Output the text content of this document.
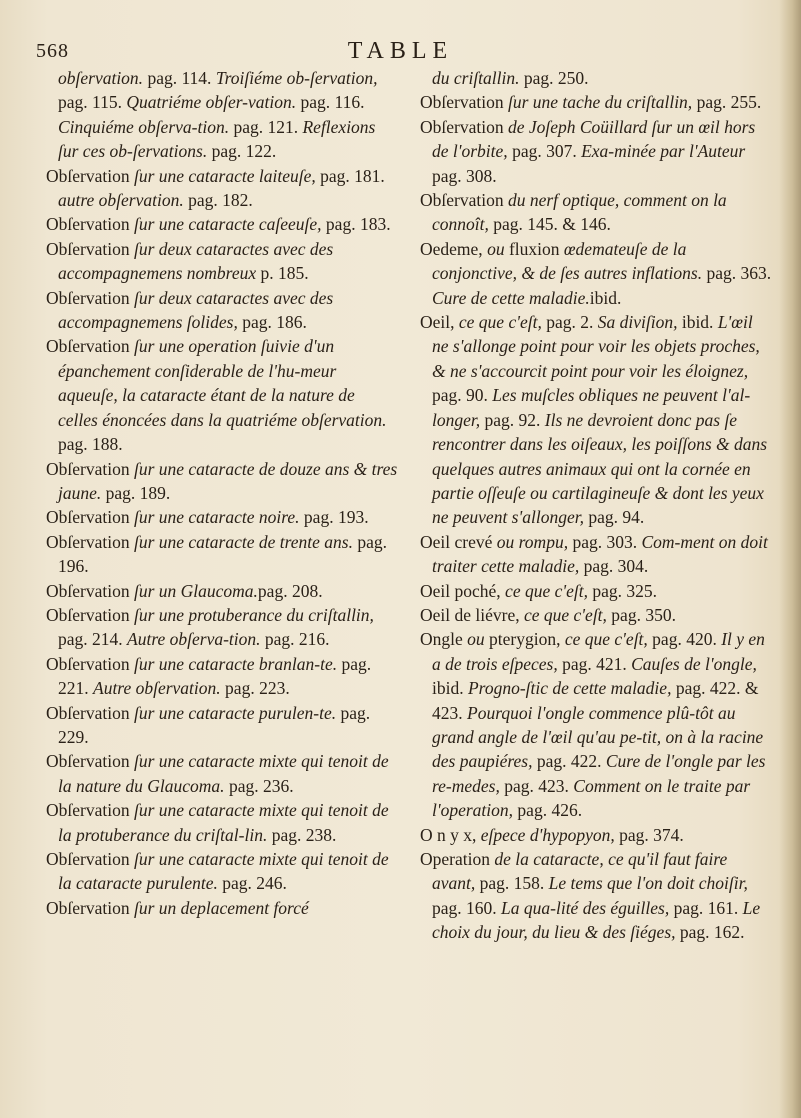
568	TABLE

obſervation. pag. 114. Troiſiéme ob-ſervation, pag. 115. Quatriéme obſer-vation. pag. 116. Cinquiéme obſerva-tion. pag. 121. Reflexions ſur ces ob-ſervations. pag. 122.

Obſervation ſur une cataracte laiteuſe, pag. 181. autre obſervation. pag. 182.

Obſervation ſur une cataracte caſeeuſe, pag. 183.

Obſervation ſur deux cataractes avec des accompagnemens nombreux p. 185.

Obſervation ſur deux cataractes avec des accompagnemens ſolides, pag. 186.

Obſervation ſur une operation ſuivie d'un épanchement conſiderable de l'hu-meur aqueuſe, la cataracte étant de la nature de celles énoncées dans la quatriéme obſervation. pag. 188.

Obſervation ſur une cataracte de douze ans & tres jaune. pag. 189.

Obſervation ſur une cataracte noire. pag. 193.

Obſervation ſur une cataracte de trente ans. pag. 196.

Obſervation ſur un Glaucoma.pag. 208.

Obſervation ſur une protuberance du criſtallin, pag. 214. Autre obſerva-tion. pag. 216.

Obſervation ſur une cataracte branlan-te. pag. 221. Autre obſervation. pag. 223.

Obſervation ſur une cataracte purulen-te. pag. 229.

Obſervation ſur une cataracte mixte qui tenoit de la nature du Glaucoma. pag. 236.

Obſervation ſur une cataracte mixte qui tenoit de la protuberance du criſtal-lin. pag. 238.

Obſervation ſur une cataracte mixte qui tenoit de la cataracte purulente. pag. 246.

Obſervation ſur un deplacement forcé

du criſtallin. pag. 250.

Obſervation ſur une tache du criſtallin, pag. 255.

Obſervation de Joſeph Coüillard ſur un œil hors de l'orbite, pag. 307. Exa-minée par l'Auteur pag. 308.

Obſervation du nerf optique, comment on la connoît, pag. 145. & 146.

Oedeme, ou fluxion œdemateuſe de la conjonctive, & de ſes autres inflations. pag. 363. Cure de cette maladie.ibid.

Oeil, ce que c'eſt, pag. 2. Sa diviſion, ibid. L'œil ne s'allonge point pour voir les objets proches, & ne s'accourcit point pour voir les éloignez, pag. 90. Les muſcles obliques ne peuvent l'al-longer, pag. 92. Ils ne devroient donc pas ſe rencontrer dans les oiſeaux, les poiſſons & dans quelques autres animaux qui ont la cornée en partie oſſeuſe ou cartilagineuſe & dont les yeux ne peuvent s'allonger, pag. 94.

Oeil crevé ou rompu, pag. 303. Com-ment on doit traiter cette maladie, pag. 304.

Oeil poché, ce que c'eſt, pag. 325.

Oeil de liévre, ce que c'eſt, pag. 350.

Ongle ou pterygion, ce que c'eſt, pag. 420. Il y en a de trois eſpeces, pag. 421. Cauſes de l'ongle, ibid. Progno-ſtic de cette maladie, pag. 422. & 423. Pourquoi l'ongle commence plû-tôt au grand angle de l'œil qu'au pe-tit, on à la racine des paupiéres, pag. 422. Cure de l'ongle par les re-medes, pag. 423. Comment on le traite par l'operation, pag. 426.

O n y x, eſpece d'hypopyon, pag. 374.

Operation de la cataracte, ce qu'il faut faire avant, pag. 158. Le tems que l'on doit choiſir, pag. 160. La qua-lité des éguilles, pag. 161. Le choix du jour, du lieu & des ſiéges, pag. 162.
